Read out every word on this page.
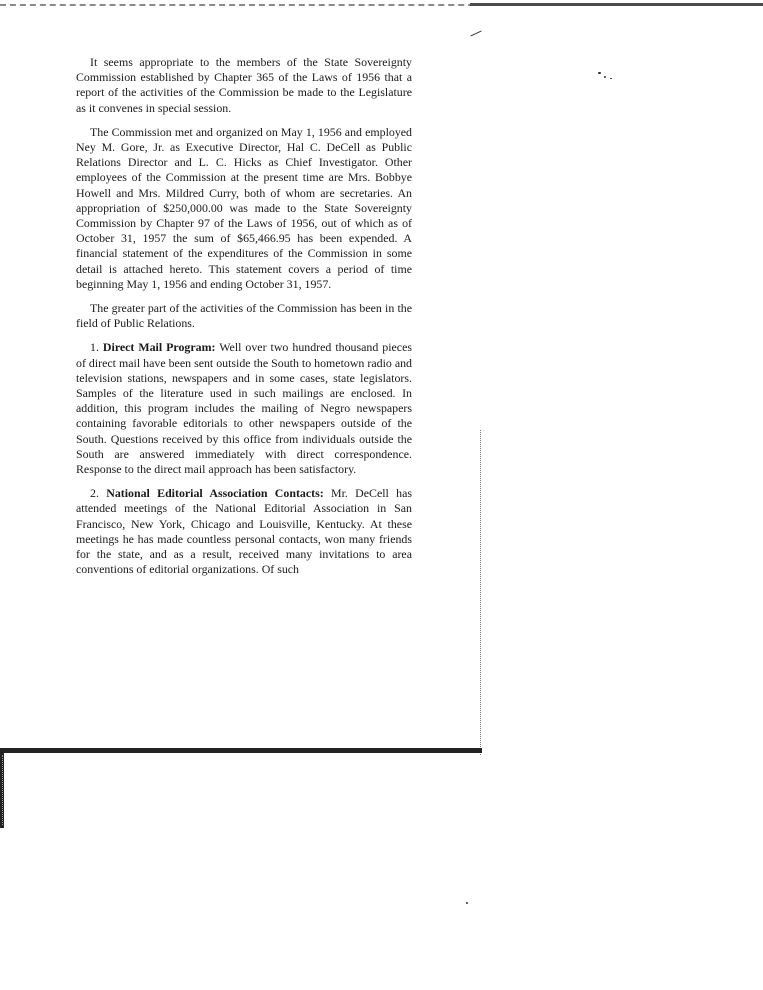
It seems appropriate to the members of the State Sovereignty Commission established by Chapter 365 of the Laws of 1956 that a report of the activities of the Commission be made to the Legislature as it convenes in special session.

The Commission met and organized on May 1, 1956 and employed Ney M. Gore, Jr. as Executive Director, Hal C. DeCell as Public Relations Director and L. C. Hicks as Chief Investigator. Other employees of the Commission at the present time are Mrs. Bobbye Howell and Mrs. Mildred Curry, both of whom are secretaries. An appropriation of $250,000.00 was made to the State Sovereignty Commission by Chapter 97 of the Laws of 1956, out of which as of October 31, 1957 the sum of $65,466.95 has been expended. A financial statement of the expenditures of the Commission in some detail is attached hereto. This statement covers a period of time beginning May 1, 1956 and ending October 31, 1957.

The greater part of the activities of the Commission has been in the field of Public Relations.

1. Direct Mail Program: Well over two hundred thousand pieces of direct mail have been sent outside the South to hometown radio and television stations, newspapers and in some cases, state legislators. Samples of the literature used in such mailings are enclosed. In addition, this program includes the mailing of Negro newspapers containing favorable editorials to other newspapers outside of the South. Questions received by this office from individuals outside the South are answered immediately with direct correspondence. Response to the direct mail approach has been satisfactory.

2. National Editorial Association Contacts: Mr. DeCell has attended meetings of the National Editorial Association in San Francisco, New York, Chicago and Louisville, Kentucky. At these meetings he has made countless personal contacts, won many friends for the state, and as a result, received many invitations to area conventions of editorial organizations. Of such
